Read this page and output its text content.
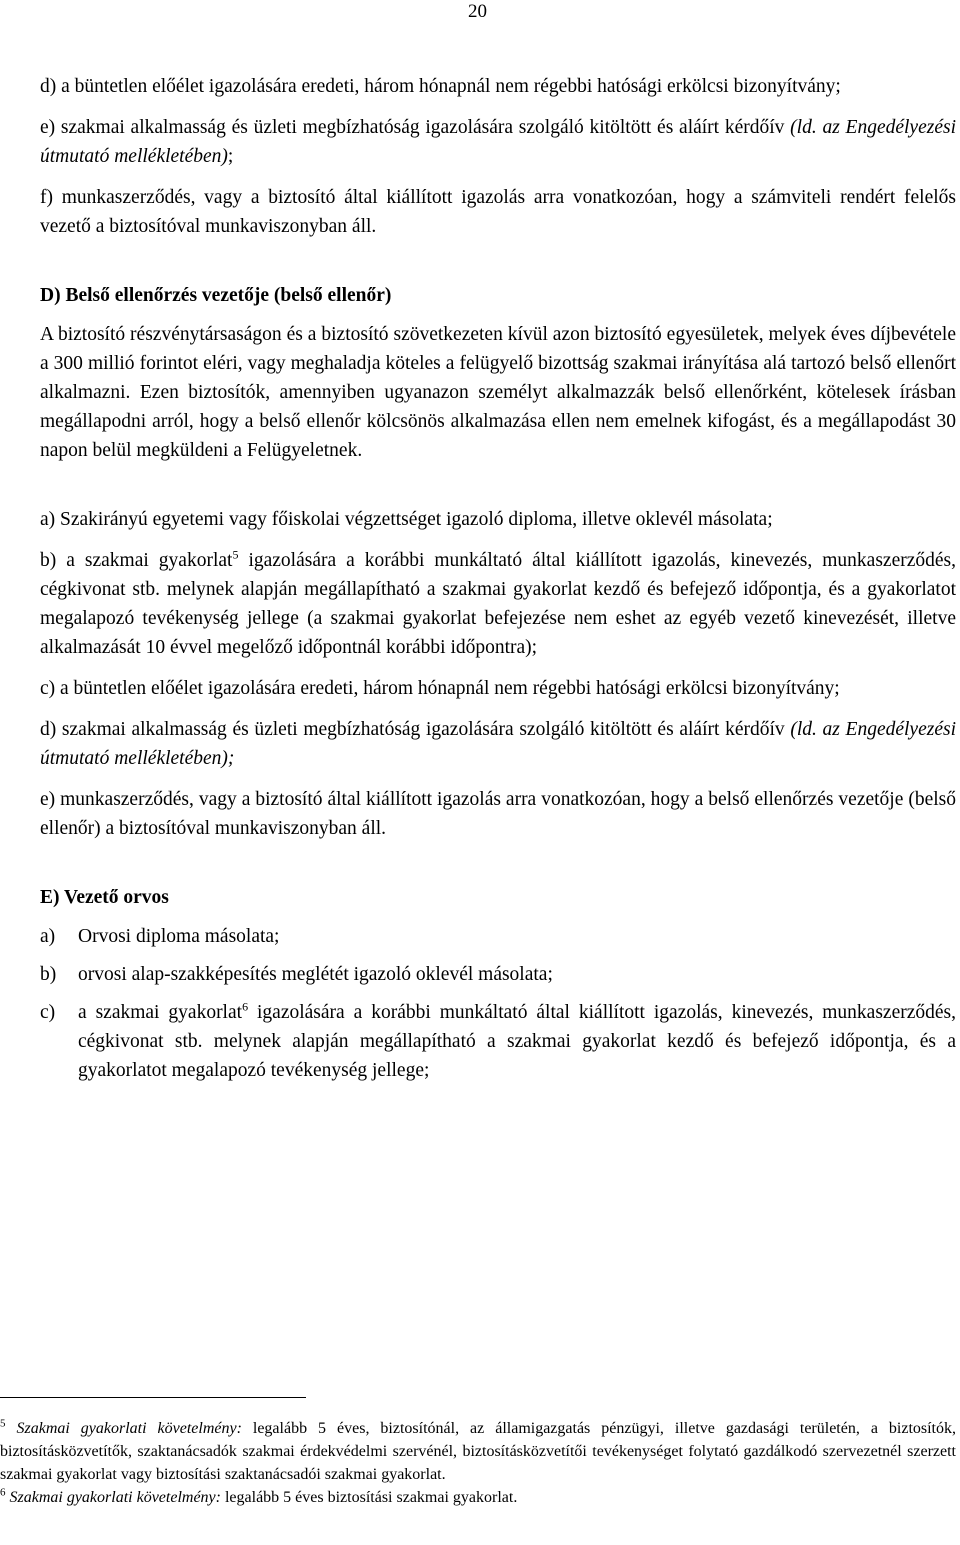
20

d) a büntetlen előélet igazolására eredeti, három hónapnál nem régebbi hatósági erkölcsi bizonyítvány;

e) szakmai alkalmasság és üzleti megbízhatóság igazolására szolgáló kitöltött és aláírt kérdőív (ld. az Engedélyezési útmutató mellékletében);

f) munkaszerződés, vagy a biztosító által kiállított igazolás arra vonatkozóan, hogy a számviteli rendért felelős vezető a biztosítóval munkaviszonyban áll.

D) Belső ellenőrzés vezetője (belső ellenőr)

A biztosító részvénytársaságon és a biztosító szövetkezeten kívül azon biztosító egyesületek, melyek éves díjbevétele a 300 millió forintot eléri, vagy meghaladja köteles a felügyelő bizottság szakmai irányítása alá tartozó belső ellenőrt alkalmazni. Ezen biztosítók, amennyiben ugyanazon személyt alkalmazzák belső ellenőrként, kötelesek írásban megállapodni arról, hogy a belső ellenőr kölcsönös alkalmazása ellen nem emelnek kifogást, és a megállapodást 30 napon belül megküldeni a Felügyeletnek.

a) Szakirányú egyetemi vagy főiskolai végzettséget igazoló diploma, illetve oklevél másolata;

b) a szakmai gyakorlat$^5$ igazolására a korábbi munkáltató által kiállított igazolás, kinevezés, munkaszerződés, cégkivonat stb. melynek alapján megállapítható a szakmai gyakorlat kezdő és befejező időpontja, és a gyakorlatot megalapozó tevékenység jellege (a szakmai gyakorlat befejezése nem eshet az egyéb vezető kinevezését, illetve alkalmazását 10 évvel megelőző időpontnál korábbi időpontra);

c) a büntetlen előélet igazolására eredeti, három hónapnál nem régebbi hatósági erkölcsi bizonyítvány;

d) szakmai alkalmasság és üzleti megbízhatóság igazolására szolgáló kitöltött és aláírt kérdőív (ld. az Engedélyezési útmutató mellékletében);

e) munkaszerződés, vagy a biztosító által kiállított igazolás arra vonatkozóan, hogy a belső ellenőrzés vezetője (belső ellenőr) a biztosítóval munkaviszonyban áll.

E) Vezető orvos

a)	Orvosi diploma másolata;
b)	orvosi alap-szakképesítés meglétét igazoló oklevél másolata;
c)	a szakmai gyakorlat$^6$ igazolására a korábbi munkáltató által kiállított igazolás, kinevezés, munkaszerződés, cégkivonat stb. melynek alapján megállapítható a szakmai gyakorlat kezdő és befejező időpontja, és a gyakorlatot megalapozó tevékenység jellege;

$^5$ Szakmai gyakorlati követelmény: legalább 5 éves, biztosítónál, az államigazgatás pénzügyi, illetve gazdasági területén, a biztosítók, biztosításközvetítők, szaktanácsadók szakmai érdekvédelmi szervénél, biztosításközvetítői tevékenységet folytató gazdálkodó szervezetnél szerzett szakmai gyakorlat vagy biztosítási szaktanácsadói szakmai gyakorlat.

$^6$ Szakmai gyakorlati követelmény: legalább 5 éves biztosítási szakmai gyakorlat.
